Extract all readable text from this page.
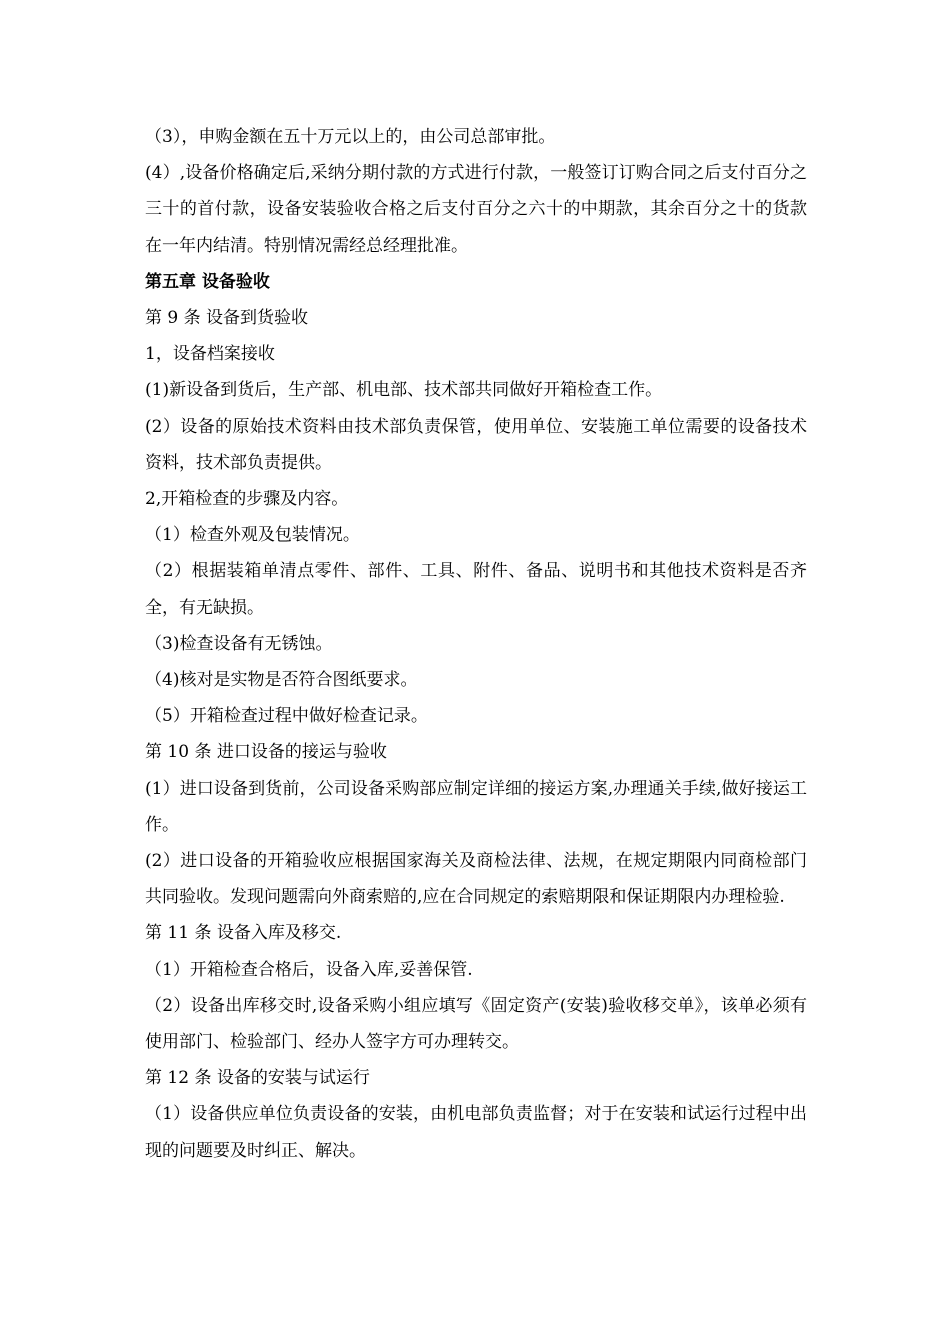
（3），申购金额在五十万元以上的，由公司总部审批。

(4）,设备价格确定后,采纳分期付款的方式进行付款，一般签订订购合同之后支付百分之三十的首付款，设备安装验收合格之后支付百分之六十的中期款，其余百分之十的货款在一年内结清。特别情况需经总经理批准。

第五章 设备验收

第 9 条 设备到货验收

1，设备档案接收

(1)新设备到货后，生产部、机电部、技术部共同做好开箱检查工作。

(2）设备的原始技术资料由技术部负责保管，使用单位、安装施工单位需要的设备技术资料，技术部负责提供。

2,开箱检查的步骤及内容。

（1）检查外观及包装情况。

（2）根据装箱单清点零件、部件、工具、附件、备品、说明书和其他技术资料是否齐全，有无缺损。

（3)检查设备有无锈蚀。

（4)核对是实物是否符合图纸要求。

（5）开箱检查过程中做好检查记录。

第 10 条 进口设备的接运与验收

(1）进口设备到货前，公司设备采购部应制定详细的接运方案,办理通关手续,做好接运工作。

(2）进口设备的开箱验收应根据国家海关及商检法律、法规，在规定期限内同商检部门共同验收。发现问题需向外商索赔的,应在合同规定的索赔期限和保证期限内办理检验.

第 11 条 设备入库及移交.

（1）开箱检查合格后，设备入库,妥善保管.

（2）设备出库移交时,设备采购小组应填写《固定资产(安装)验收移交单》，该单必须有使用部门、检验部门、经办人签字方可办理转交。

第 12 条 设备的安装与试运行

（1）设备供应单位负责设备的安装，由机电部负责监督；对于在安装和试运行过程中出现的问题要及时纠正、解决。
